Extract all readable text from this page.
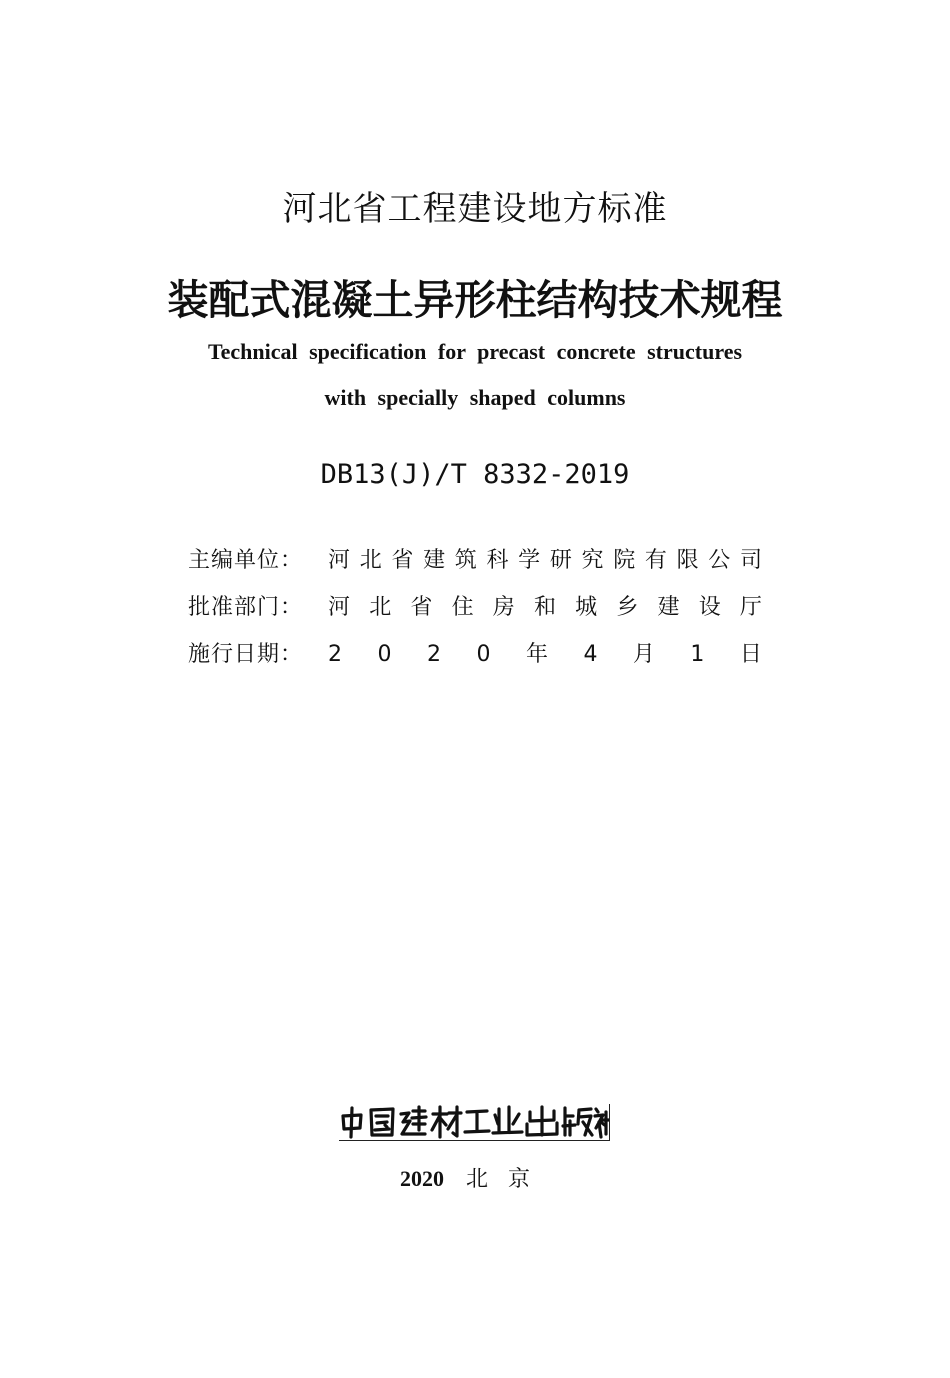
河北省工程建设地方标准
装配式混凝土异形柱结构技术规程
Technical specification for precast concrete structures
with specially shaped columns
DB13(J)/T 8332-2019
主编单位：	河 北 省 建 筑 科 学 研 究 院 有 限 公 司
批准部门：	河 北 省 住 房 和 城 乡 建 设 厅
施行日期：	2 0 2 0 年 4 月 1 日
2020 北京
